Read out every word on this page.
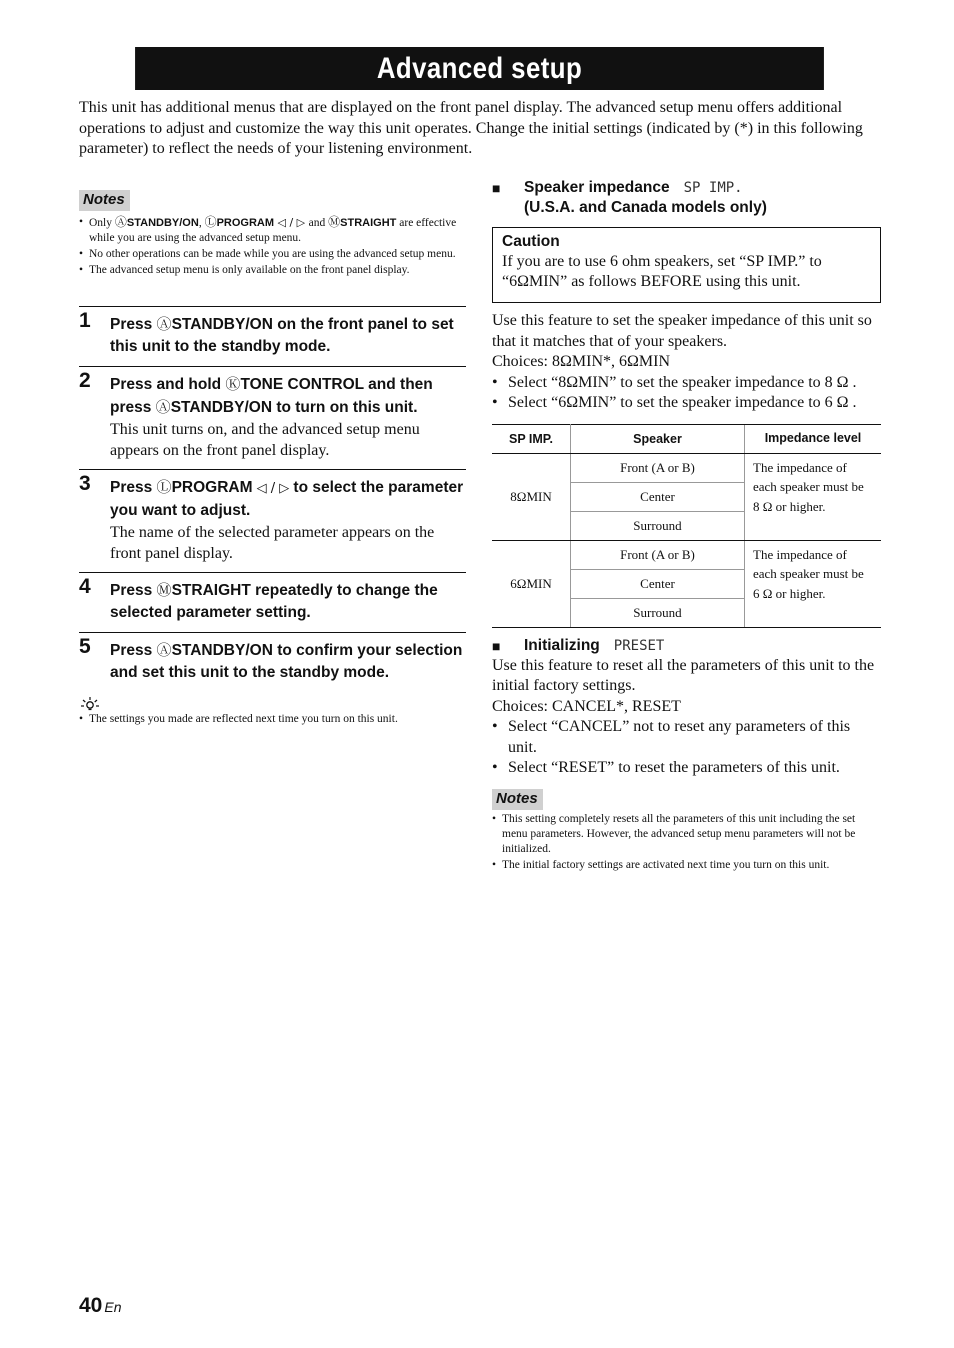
Advanced setup
This unit has additional menus that are displayed on the front panel display. The advanced setup menu offers additional operations to adjust and customize the way this unit operates. Change the initial settings (indicated by (*) in this following parameter) to reflect the needs of your listening environment.
Notes
• Only ⒶSTANDBY/ON, ⓁPROGRAM ◁ / ▷ and ⓂSTRAIGHT are effective while you are using the advanced setup menu.
• No other operations can be made while you are using the advanced setup menu.
• The advanced setup menu is only available on the front panel display.
1 Press ⒶSTANDBY/ON on the front panel to set this unit to the standby mode.
2 Press and hold ⓀTONE CONTROL and then press ⒶSTANDBY/ON to turn on this unit.
This unit turns on, and the advanced setup menu appears on the front panel display.
3 Press ⓁPROGRAM ◁ / ▷ to select the parameter you want to adjust.
The name of the selected parameter appears on the front panel display.
4 Press ⓂSTRAIGHT repeatedly to change the selected parameter setting.
5 Press ⒶSTANDBY/ON to confirm your selection and set this unit to the standby mode.
• The settings you made are reflected next time you turn on this unit.
■ Speaker impedance SP IMP.
(U.S.A. and Canada models only)
Caution
If you are to use 6 ohm speakers, set “SP IMP.” to “6ΩMIN” as follows BEFORE using this unit.
Use this feature to set the speaker impedance of this unit so that it matches that of your speakers.
Choices: 8ΩMIN*, 6ΩMIN
• Select “8ΩMIN” to set the speaker impedance to 8 Ω .
• Select “6ΩMIN” to set the speaker impedance to 6 Ω .
SP IMP.	Speaker	Impedance level
8ΩMIN	Front (A or B)	The impedance of each speaker must be 8 Ω or higher.
	Center	
	Surround	
6ΩMIN	Front (A or B)	The impedance of each speaker must be 6 Ω or higher.
	Center	
	Surround	
■ Initializing PRESET
Use this feature to reset all the parameters of this unit to the initial factory settings.
Choices: CANCEL*, RESET
• Select “CANCEL” not to reset any parameters of this unit.
• Select “RESET” to reset the parameters of this unit.
Notes
• This setting completely resets all the parameters of this unit including the set menu parameters. However, the advanced setup menu parameters will not be initialized.
• The initial factory settings are activated next time you turn on this unit.
40 En
